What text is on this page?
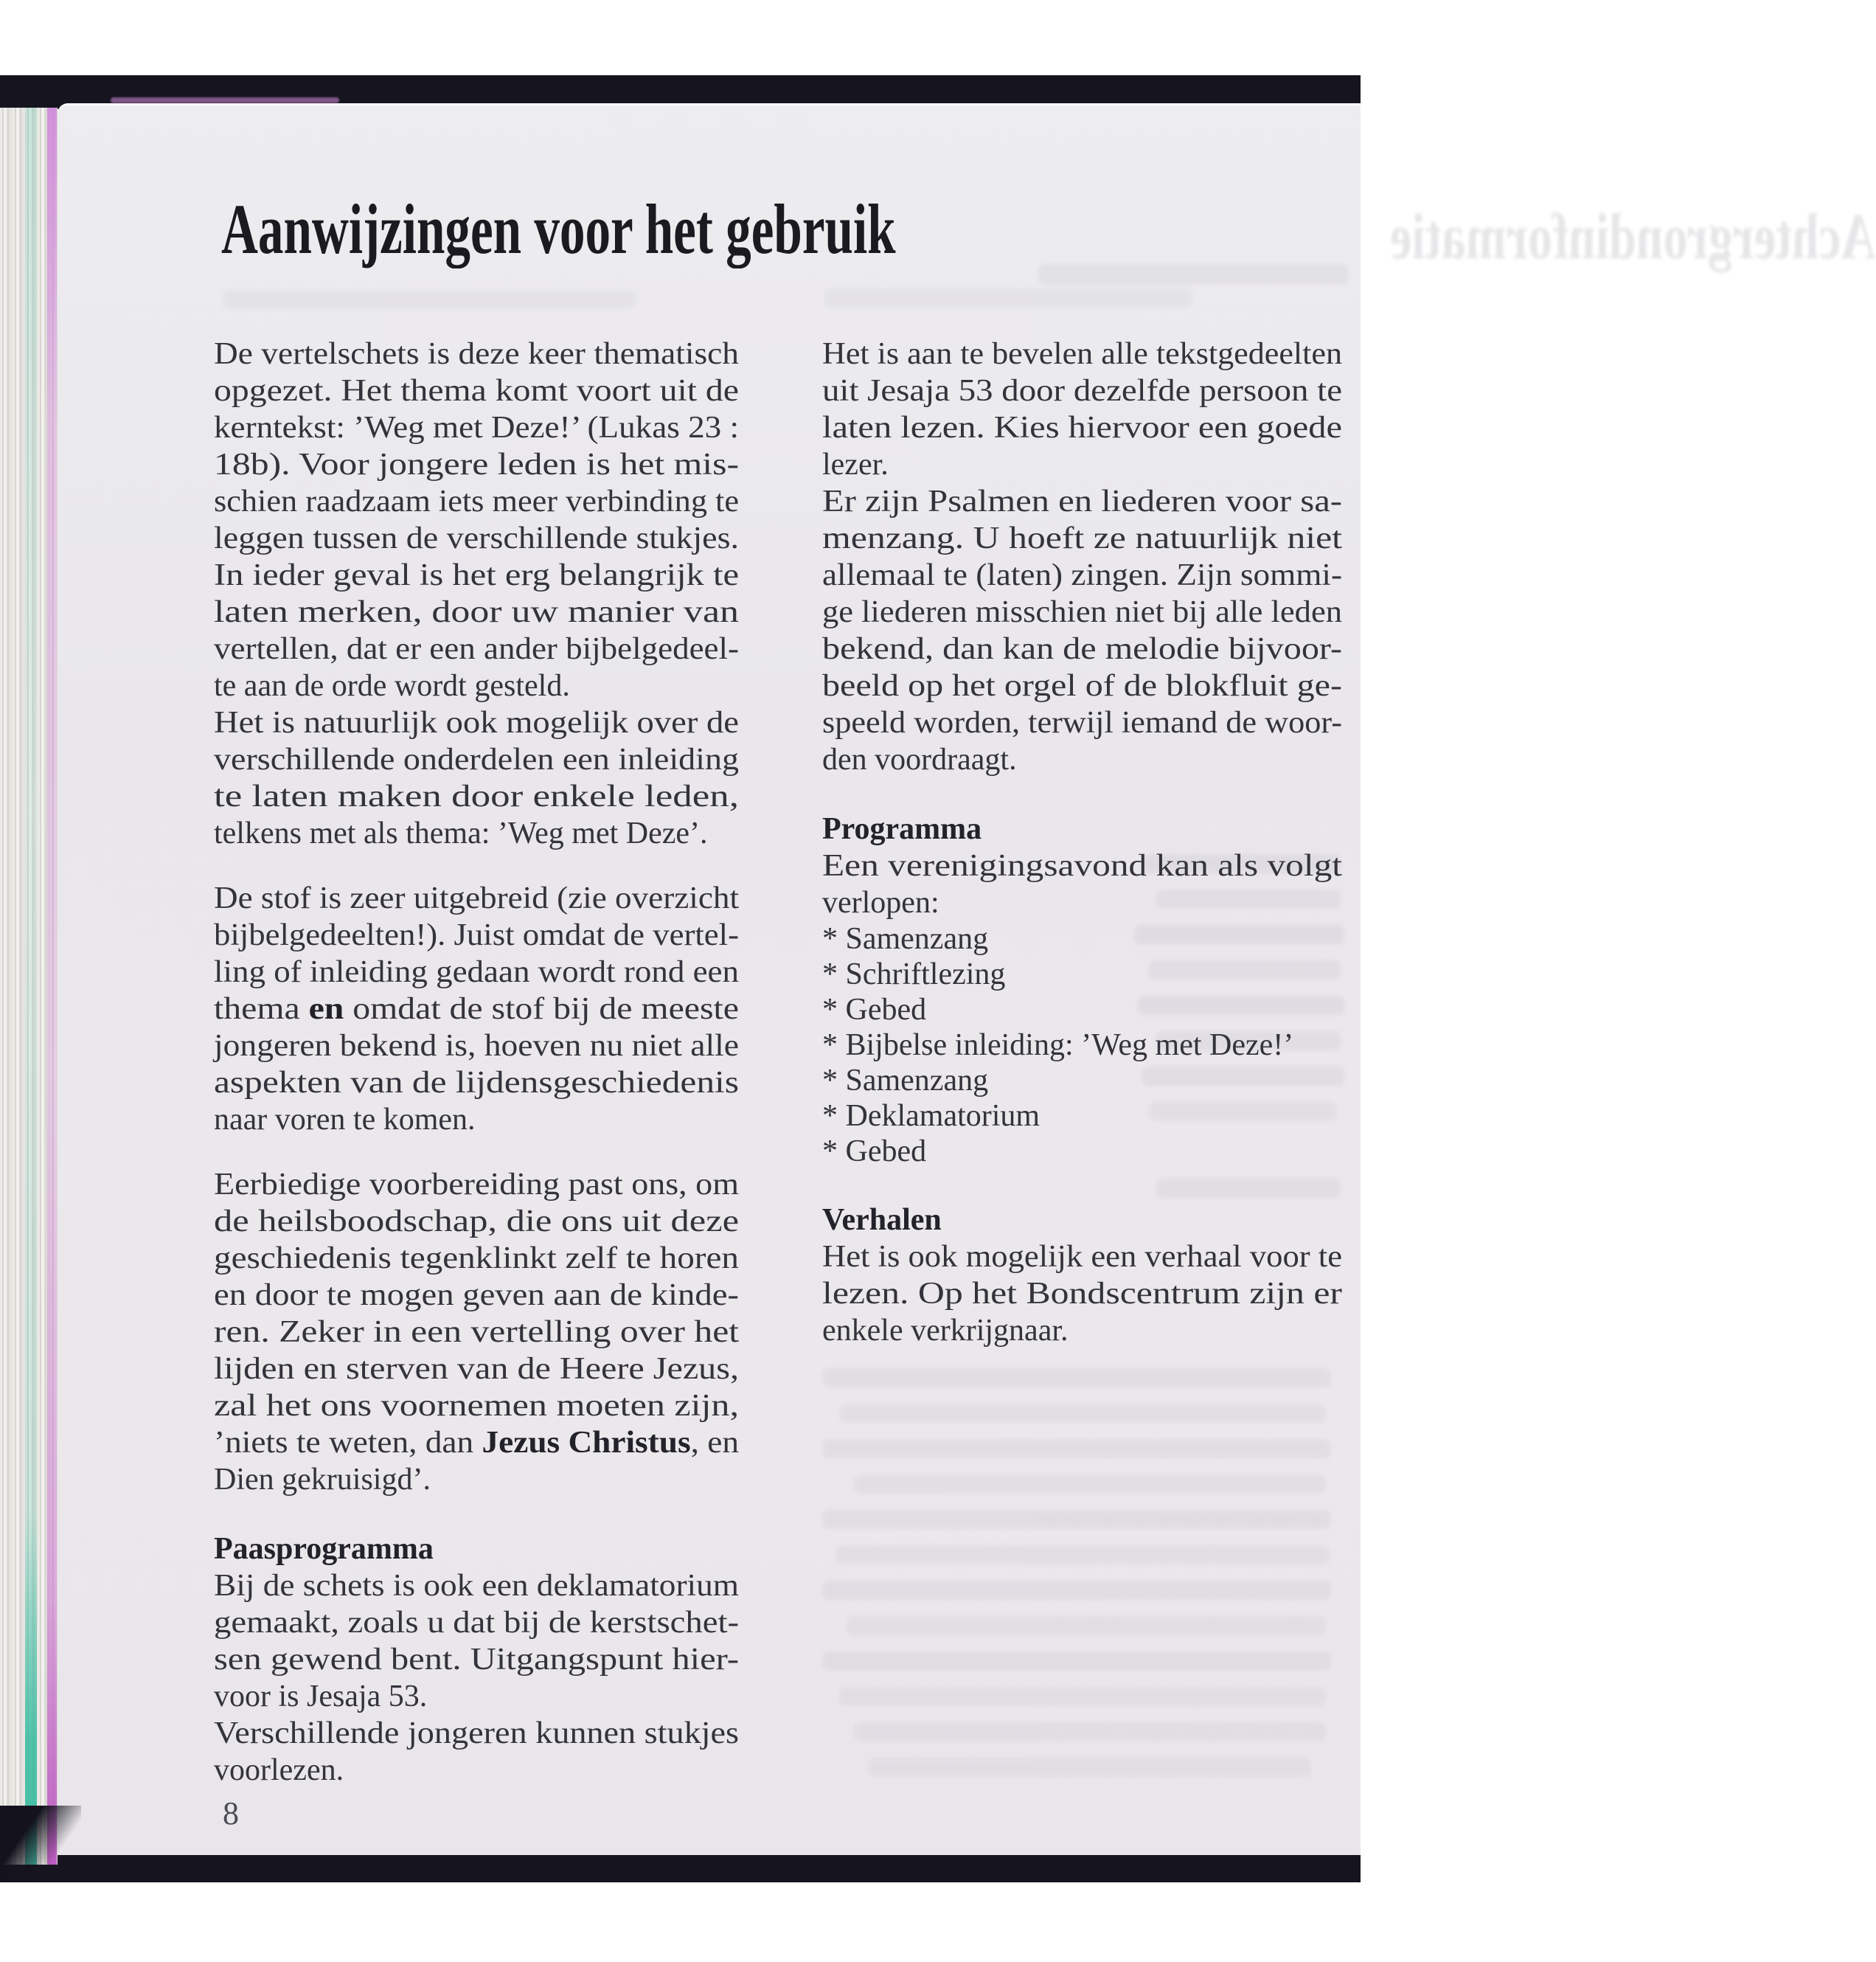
Achtergrondinformatie
Aanwijzingen voor het gebruik
De vertelschets is deze keer thematisch
opgezet. Het thema komt voort uit de
kerntekst: ’Weg met Deze!’ (Lukas 23 :
18b). Voor jongere leden is het mis-
schien raadzaam iets meer verbinding te
leggen tussen de verschillende stukjes.
In ieder geval is het erg belangrijk te
laten merken, door uw manier van
vertellen, dat er een ander bijbelgedeel-
te aan de orde wordt gesteld.
Het is natuurlijk ook mogelijk over de
verschillende onderdelen een inleiding
te laten maken door enkele leden,
telkens met als thema: ’Weg met Deze’.
De stof is zeer uitgebreid (zie overzicht
bijbelgedeelten!). Juist omdat de vertel-
ling of inleiding gedaan wordt rond een
thema en omdat de stof bij de meeste
jongeren bekend is, hoeven nu niet alle
aspekten van de lijdensgeschiedenis
naar voren te komen.
Eerbiedige voorbereiding past ons, om
de heilsboodschap, die ons uit deze
geschiedenis tegenklinkt zelf te horen
en door te mogen geven aan de kinde-
ren. Zeker in een vertelling over het
lijden en sterven van de Heere Jezus,
zal het ons voornemen moeten zijn,
’niets te weten, dan Jezus Christus, en
Dien gekruisigd’.
Paasprogramma
Bij de schets is ook een deklamatorium
gemaakt, zoals u dat bij de kerstschet-
sen gewend bent. Uitgangspunt hier-
voor is Jesaja 53.
Verschillende jongeren kunnen stukjes
voorlezen.
Het is aan te bevelen alle tekstgedeelten
uit Jesaja 53 door dezelfde persoon te
laten lezen. Kies hiervoor een goede
lezer.
Er zijn Psalmen en liederen voor sa-
menzang. U hoeft ze natuurlijk niet
allemaal te (laten) zingen. Zijn sommi-
ge liederen misschien niet bij alle leden
bekend, dan kan de melodie bijvoor-
beeld op het orgel of de blokfluit ge-
speeld worden, terwijl iemand de woor-
den voordraagt.
Programma
Een verenigingsavond kan als volgt
verlopen:
* Samenzang
* Schriftlezing
* Gebed
* Bijbelse inleiding: ’Weg met Deze!’
* Samenzang
* Deklamatorium
* Gebed
Verhalen
Het is ook mogelijk een verhaal voor te
lezen. Op het Bondscentrum zijn er
enkele verkrijgnaar.
8
